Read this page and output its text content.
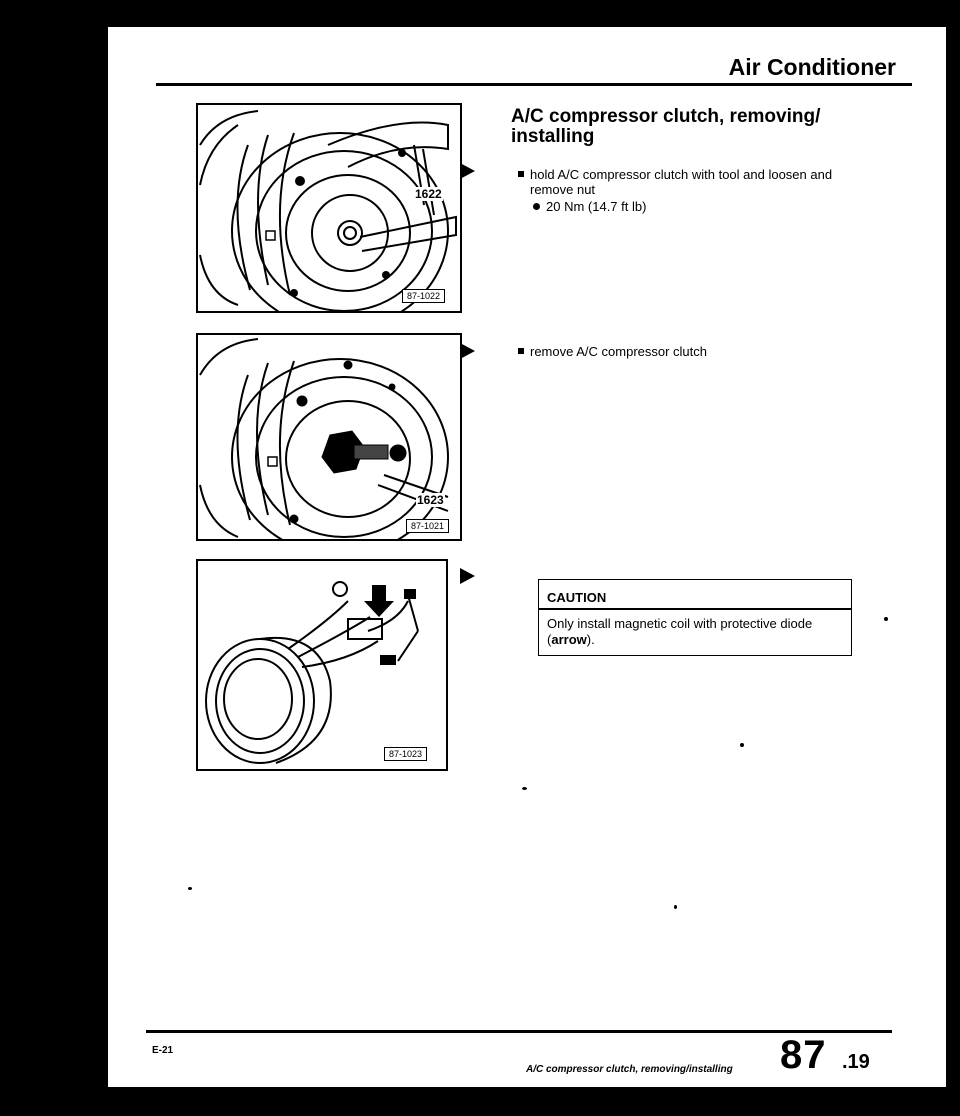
Air Conditioner
1622
87-1022
1623
87-1021
87-1023
A/C compressor clutch, removing/ installing
hold A/C compressor clutch with tool and loosen and remove nut
20 Nm (14.7 ft lb)
remove A/C compressor clutch
CAUTION
Only install magnetic coil with protective diode (arrow).
E-21
A/C compressor clutch, removing/installing 87 .19
